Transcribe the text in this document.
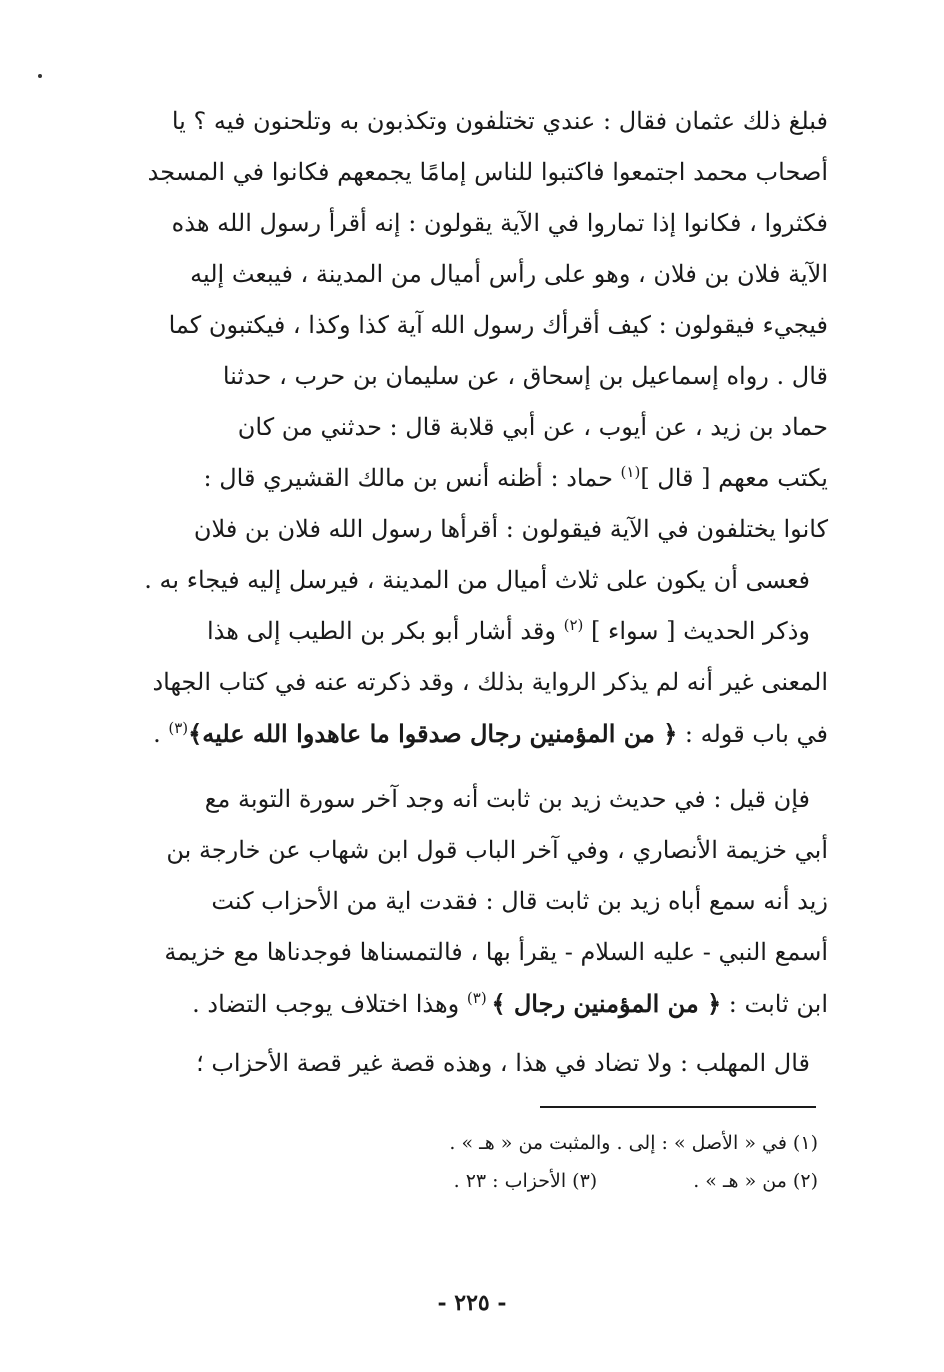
فبلغ ذلك عثمان فقال : عندي تختلفون وتكذبون به وتلحنون فيه ؟ يا

أصحاب محمد اجتمعوا فاكتبوا للناس إمامًا يجمعهم فكانوا في المسجد

فكثروا ، فكانوا إذا تماروا في الآية يقولون : إنه أقرأ رسول الله هذه

الآية فلان بن فلان ، وهو على رأس أميال من المدينة ، فيبعث إليه

فيجيء فيقولون : كيف أقرأك رسول الله آية كذا وكذا ، فيكتبون كما

قال . رواه إسماعيل بن إسحاق ، عن سليمان بن حرب ، حدثنا

حماد بن زيد ، عن أيوب ، عن أبي قلابة قال : حدثني من كان

يكتب معهم [ قال ]$^{(١)}$ حماد : أظنه أنس بن مالك القشيري قال :

كانوا يختلفون في الآية فيقولون : أقرأها رسول الله فلان بن فلان

فعسى أن يكون على ثلاث أميال من المدينة ، فيرسل إليه فيجاء به .

وذكر الحديث [ سواء ] $^{(٢)}$ وقد أشار أبو بكر بن الطيب إلى هذا

المعنى غير أنه لم يذكر الرواية بذلك ، وقد ذكرته عنه في كتاب الجهاد

في باب قوله : ﴿ من المؤمنين رجال صدقوا ما عاهدوا الله عليه﴾$^{(٣)}$ .

فإن قيل : في حديث زيد بن ثابت أنه وجد آخر سورة التوبة مع

أبي خزيمة الأنصاري ، وفي آخر الباب قول ابن شهاب عن خارجة بن

زيد أنه سمع أباه زيد بن ثابت قال : فقدت اية من الأحزاب كنت

أسمع النبي - عليه السلام - يقرأ بها ، فالتمسناها فوجدناها مع خزيمة

ابن ثابت : ﴿ من المؤمنين رجال ﴾ $^{(٣)}$ وهذا اختلاف يوجب التضاد .

قال المهلب : ولا تضاد في هذا ، وهذه قصة غير قصة الأحزاب ؛

(١) في « الأصل » : إلى . والمثبت من « هـ » .
(٢) من « هـ » .(٣) الأحزاب : ٢٣ .
- ٢٢٥ -
